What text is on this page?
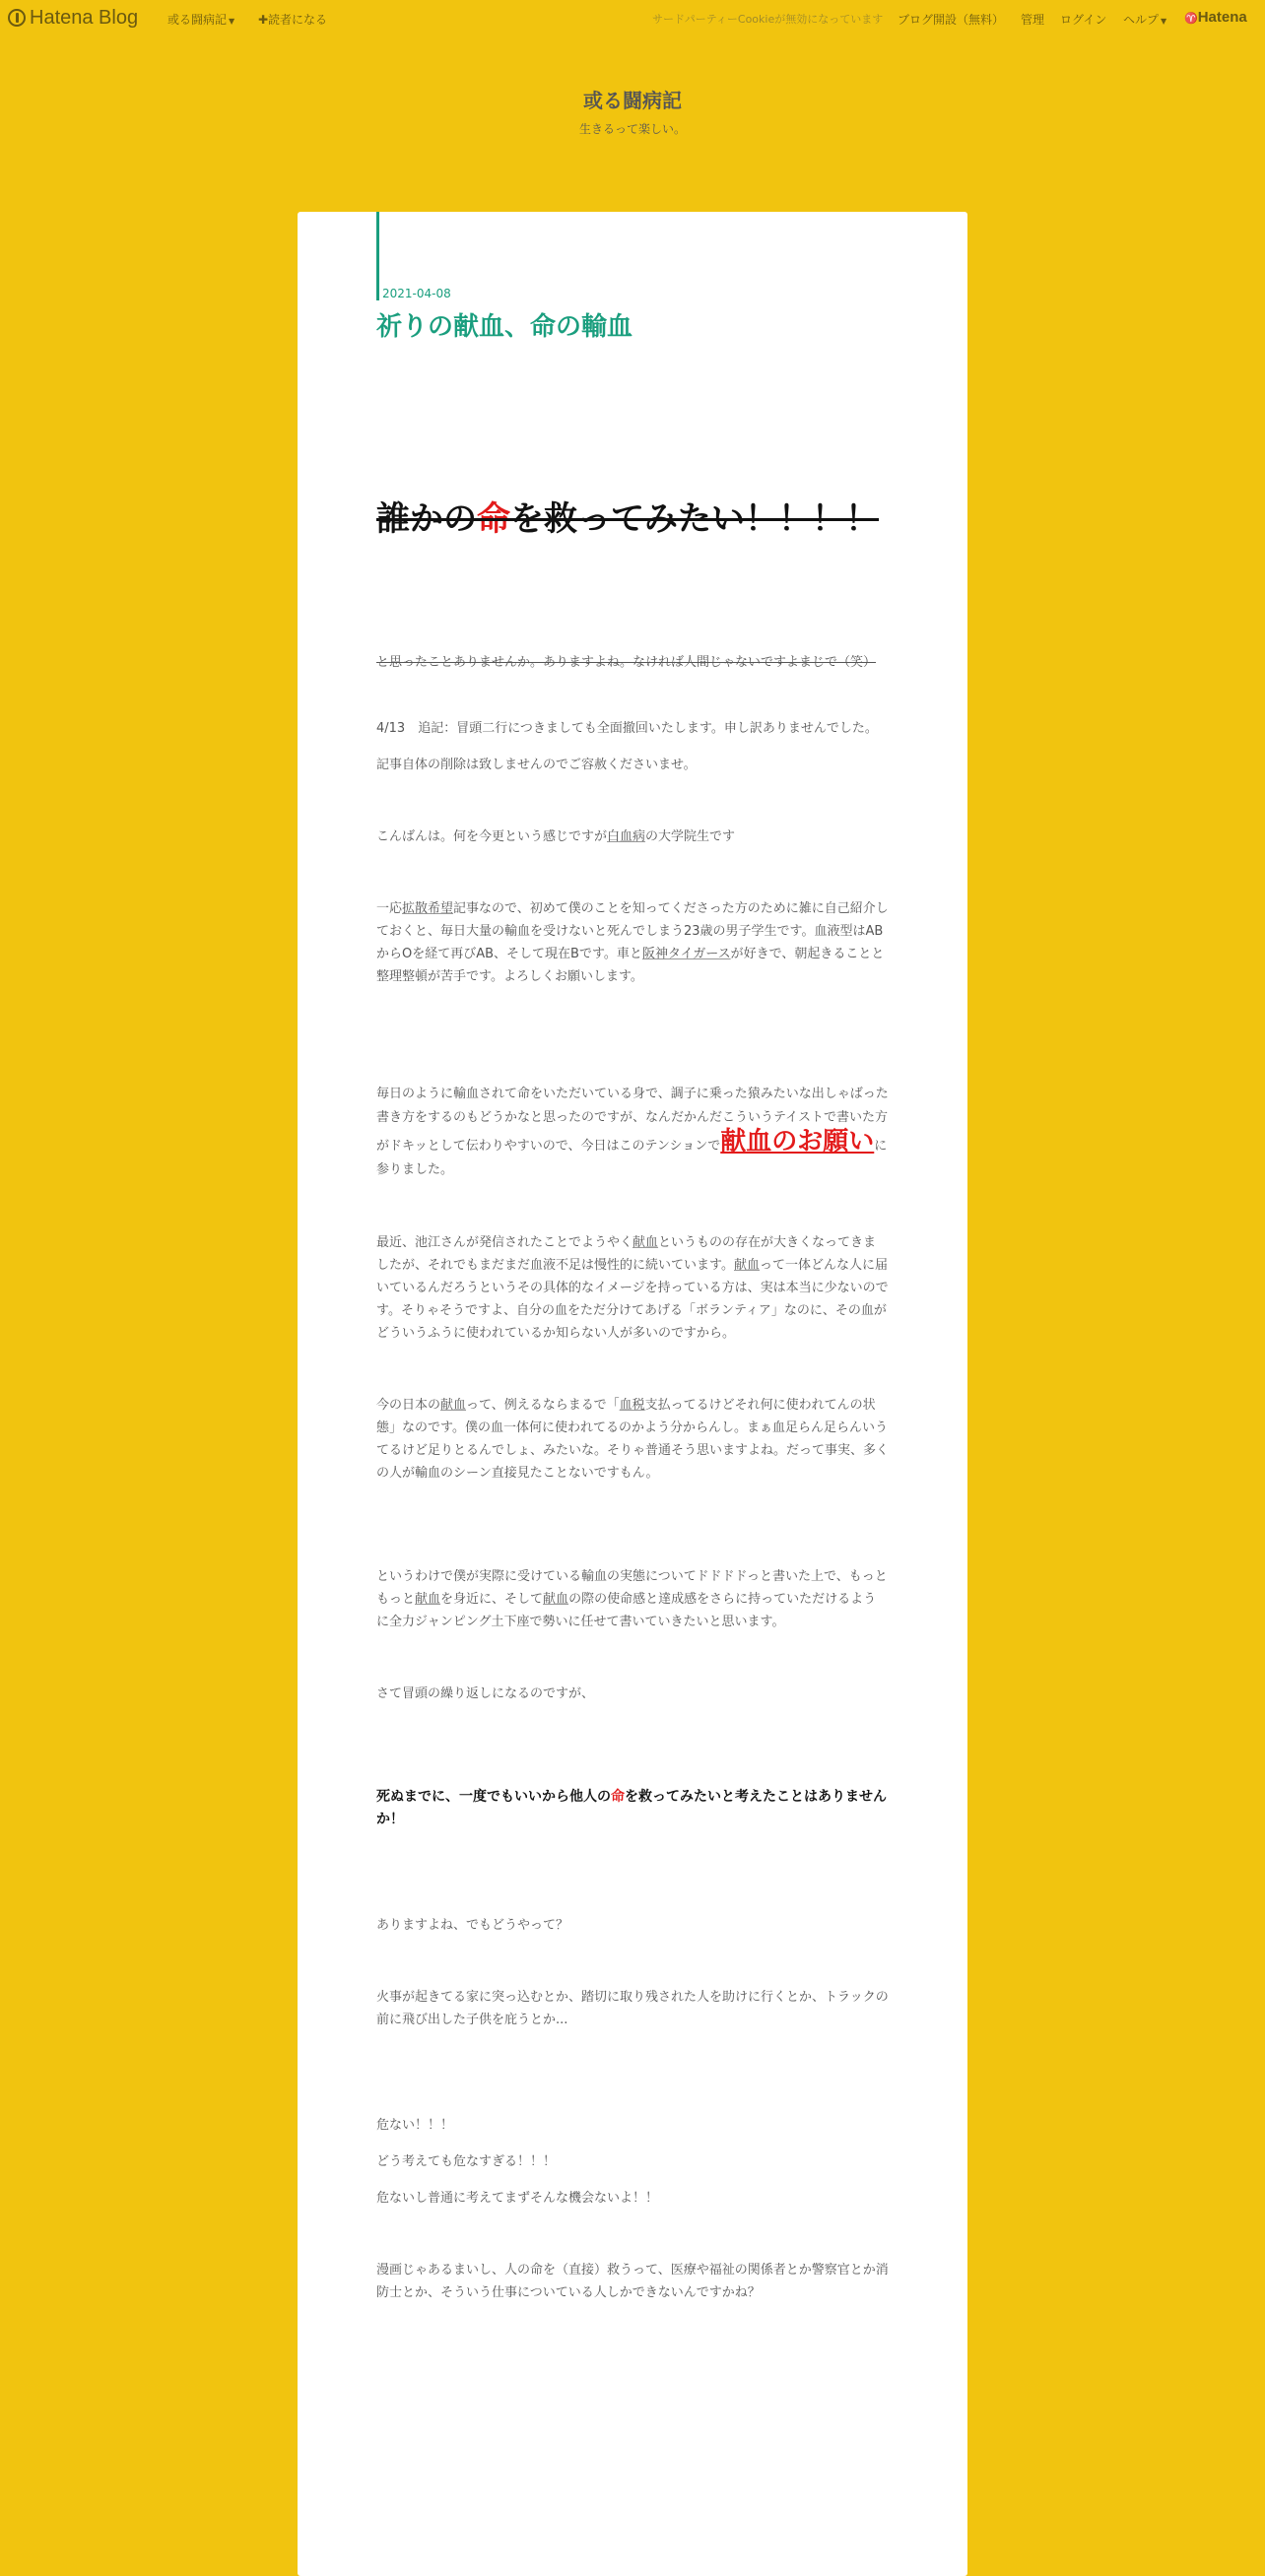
Hatena Blog 或る闘病記 ▼ ✚読者になる	サードパーティーCookieが無効になっています ブログ開設（無料） 管理 ログイン ヘルプ ▼ ♈Hatena
或る闘病記
生きるって楽しい。
2021-04-08
祈りの献血、命の輸血

誰かの命を救ってみたい！！！！

と思ったことありませんか。ありますよね。なければ人間じゃないですよまじで（笑）

4/13　追記：冒頭二行につきましても全面撤回いたします。申し訳ありませんでした。

記事自体の削除は致しませんのでご容赦くださいませ。

こんばんは。何を今更という感じですが白血病の大学院生です

一応拡散希望記事なので、初めて僕のことを知ってくださった方のために雑に自己紹介しておくと、毎日大量の輸血を受けないと死んでしまう23歳の男子学生です。血液型はABからOを経て再びAB、そして現在Bです。車と阪神タイガースが好きで、朝起きることと整理整頓が苦手です。よろしくお願いします。

毎日のように輸血されて命をいただいている身で、調子に乗った猿みたいな出しゃばった書き方をするのもどうかなと思ったのですが、なんだかんだこういうテイストで書いた方がドキッとして伝わりやすいので、今日はこのテンションで献血のお願いに参りました。

最近、池江さんが発信されたことでようやく献血というものの存在が大きくなってきましたが、それでもまだまだ血液不足は慢性的に続いています。献血って一体どんな人に届いているんだろうというその具体的なイメージを持っている方は、実は本当に少ないのです。そりゃそうですよ、自分の血をただ分けてあげる「ボランティア」なのに、その血がどういうふうに使われているか知らない人が多いのですから。

今の日本の献血って、例えるならまるで「血税支払ってるけどそれ何に使われてんの状態」なのです。僕の血一体何に使われてるのかよう分からんし。まぁ血足らん足らんいうてるけど足りとるんでしょ、みたいな。そりゃ普通そう思いますよね。だって事実、多くの人が輸血のシーン直接見たことないですもん。

というわけで僕が実際に受けている輸血の実態についてドドドドっと書いた上で、もっともっと献血を身近に、そして献血の際の使命感と達成感をさらに持っていただけるように全力ジャンピング土下座で勢いに任せて書いていきたいと思います。

さて冒頭の繰り返しになるのですが、

死ぬまでに、一度でもいいから他人の命を救ってみたいと考えたことはありませんか！

ありますよね、でもどうやって？

火事が起きてる家に突っ込むとか、踏切に取り残された人を助けに行くとか、トラックの前に飛び出した子供を庇うとか...

危ない！！！

どう考えても危なすぎる！！！

危ないし普通に考えてまずそんな機会ないよ！！

漫画じゃあるまいし、人の命を（直接）救うって、医療や福祉の関係者とか警察官とか消防士とか、そういう仕事についている人しかできないんですかね？
